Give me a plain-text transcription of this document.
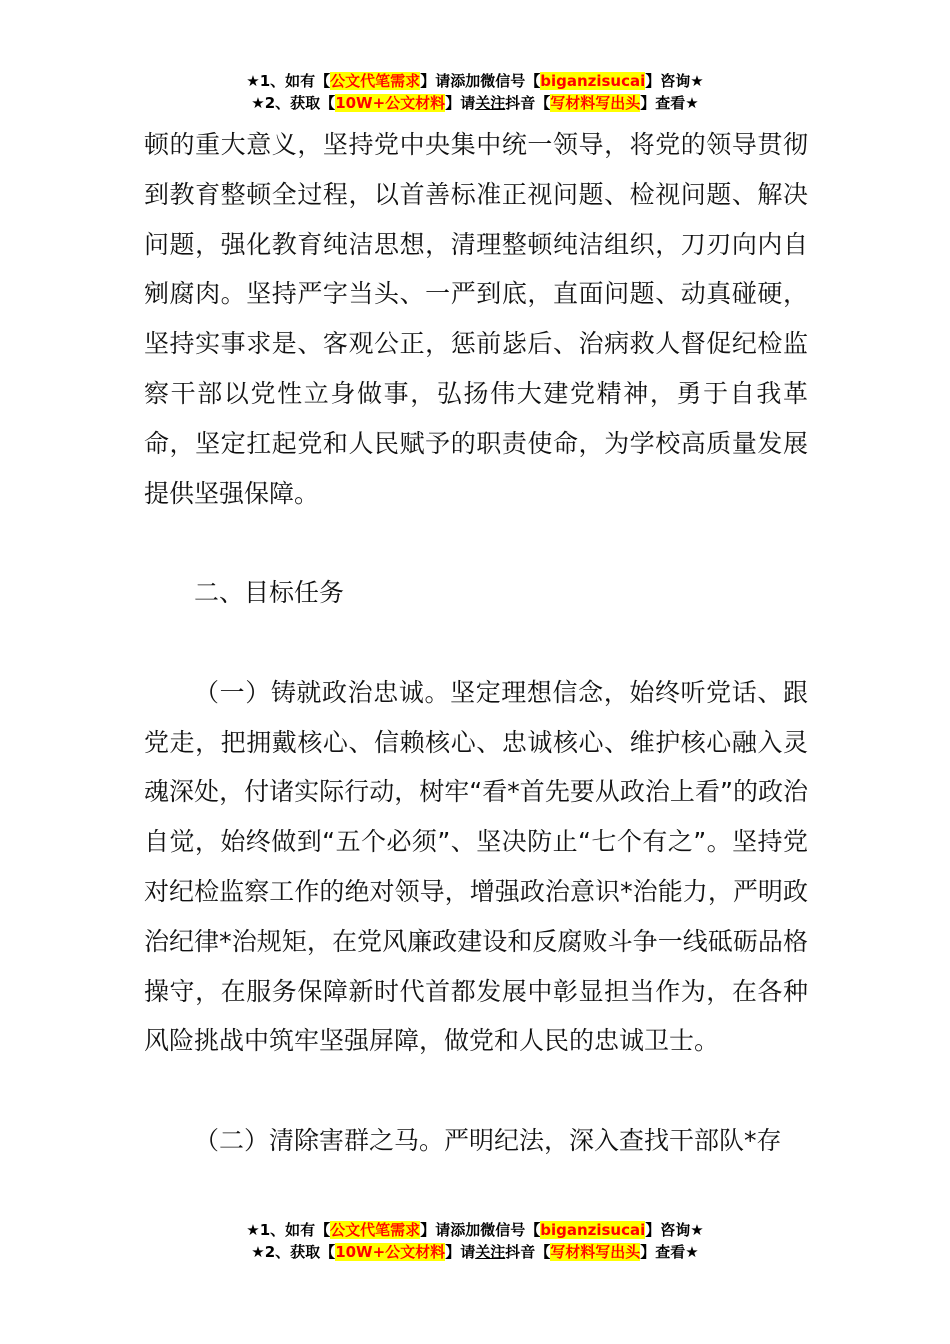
★1、如有【公文代笔需求】请添加微信号【biganzisucai】咨询★
★2、获取【10W+公文材料】请关注抖音【写材料写出头】查看★

顿的重大意义，坚持党中央集中统一领导，将党的领导贯彻到教育整顿全过程，以首善标准正视问题、检视问题、解决问题，强化教育纯洁思想，清理整顿纯洁组织，刀刃向内自剜腐肉。坚持严字当头、一严到底，直面问题、动真碰硬，坚持实事求是、客观公正，惩前毖后、治病救人督促纪检监察干部以党性立身做事，弘扬伟大建党精神，勇于自我革命，坚定扛起党和人民赋予的职责使命，为学校高质量发展提供坚强保障。

二、目标任务

（一）铸就政治忠诚。坚定理想信念，始终听党话、跟党走，把拥戴核心、信赖核心、忠诚核心、维护核心融入灵魂深处，付诸实际行动，树牢“看*首先要从政治上看”的政治自觉，始终做到“五个必须”、坚决防止“七个有之”。坚持党对纪检监察工作的绝对领导，增强政治意识*治能力，严明政治纪律*治规矩，在党风廉政建设和反腐败斗争一线砥砺品格操守，在服务保障新时代首都发展中彰显担当作为，在各种风险挑战中筑牢坚强屏障，做党和人民的忠诚卫士。

（二）清除害群之马。严明纪法，深入查找干部队*存

★1、如有【公文代笔需求】请添加微信号【biganzisucai】咨询★
★2、获取【10W+公文材料】请关注抖音【写材料写出头】查看★
